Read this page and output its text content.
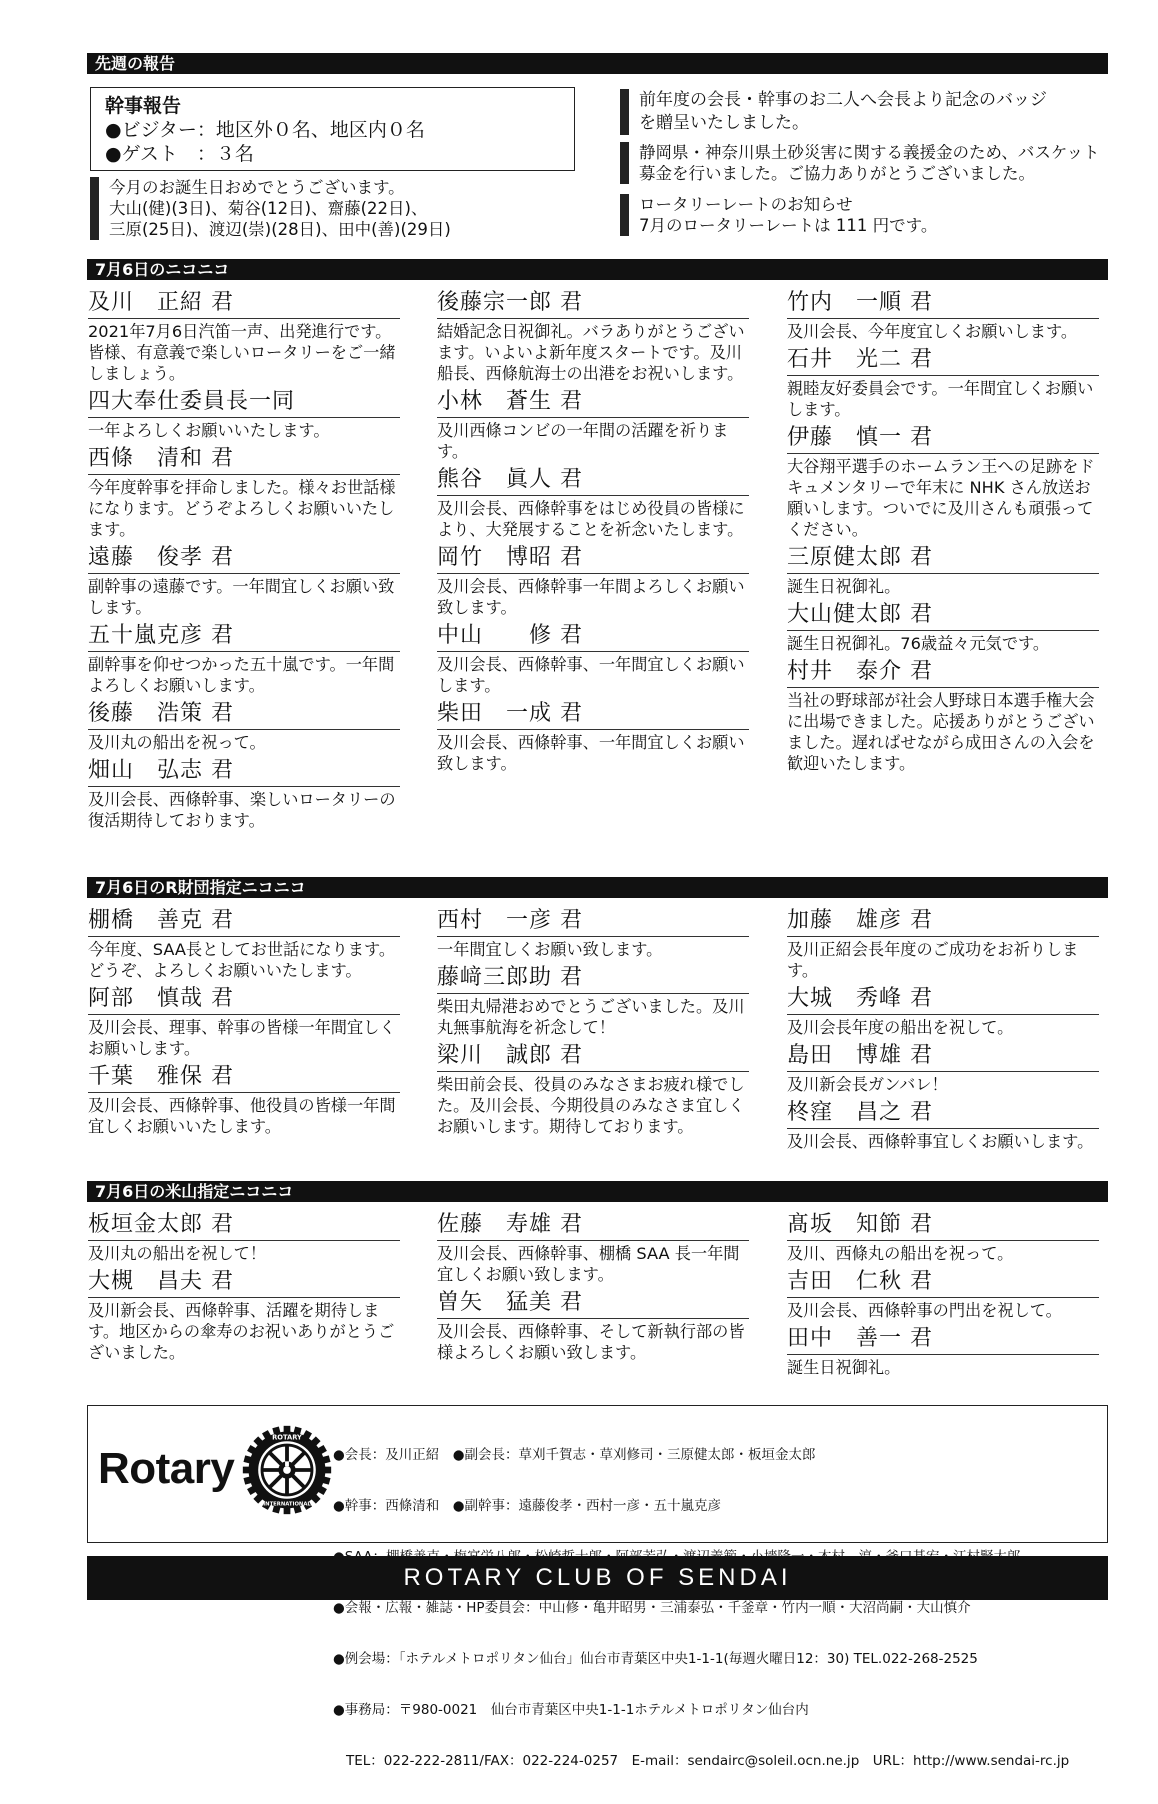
先週の報告
幹事報告
●ビジター：地区外０名、地区内０名
●ゲスト　：３名
今月のお誕生日おめでとうございます。
大山(健)(3日)、菊谷(12日)、齋藤(22日)、
三原(25日)、渡辺(崇)(28日)、田中(善)(29日)
前年度の会長・幹事のお二人へ会長より記念のバッジ
を贈呈いたしました。
静岡県・神奈川県土砂災害に関する義援金のため、バスケット
募金を行いました。ご協力ありがとうございました。
ロータリーレートのお知らせ
7月のロータリーレートは 111 円です。
7月6日のニコニコ
及川　正紹 君
2021年7月6日汽笛一声、出発進行です。皆様、有意義で楽しいロータリーをご一緒しましょう。
四大奉仕委員長一同
一年よろしくお願いいたします。
西條　清和 君
今年度幹事を拝命しました。様々お世話様になります。どうぞよろしくお願いいたします。
遠藤　俊孝 君
副幹事の遠藤です。一年間宜しくお願い致します。
五十嵐克彦 君
副幹事を仰せつかった五十嵐です。一年間よろしくお願いします。
後藤　浩策 君
及川丸の船出を祝って。
畑山　弘志 君
及川会長、西條幹事、楽しいロータリーの復活期待しております。
後藤宗一郎 君
結婚記念日祝御礼。バラありがとうございます。いよいよ新年度スタートです。及川船長、西條航海士の出港をお祝いします。
小林　蒼生 君
及川西條コンビの一年間の活躍を祈ります。
熊谷　眞人 君
及川会長、西條幹事をはじめ役員の皆様により、大発展することを祈念いたします。
岡竹　博昭 君
及川会長、西條幹事一年間よろしくお願い致します。
中山　　修 君
及川会長、西條幹事、一年間宜しくお願いします。
柴田　一成 君
及川会長、西條幹事、一年間宜しくお願い致します。
竹内　一順 君
及川会長、今年度宜しくお願いします。
石井　光二 君
親睦友好委員会です。一年間宜しくお願いします。
伊藤　慎一 君
大谷翔平選手のホームラン王への足跡をドキュメンタリーで年末に NHK さん放送お願いします。ついでに及川さんも頑張ってください。
三原健太郎 君
誕生日祝御礼。
大山健太郎 君
誕生日祝御礼。76歳益々元気です。
村井　泰介 君
当社の野球部が社会人野球日本選手権大会に出場できました。応援ありがとうございました。遅ればせながら成田さんの入会を歓迎いたします。
7月6日のR財団指定ニコニコ
棚橋　善克 君
今年度、SAA長としてお世話になります。どうぞ、よろしくお願いいたします。
阿部　慎哉 君
及川会長、理事、幹事の皆様一年間宜しくお願いします。
千葉　雅保 君
及川会長、西條幹事、他役員の皆様一年間宜しくお願いいたします。
西村　一彦 君
一年間宜しくお願い致します。
藤﨑三郎助 君
柴田丸帰港おめでとうございました。及川丸無事航海を祈念して！
梁川　誠郎 君
柴田前会長、役員のみなさまお疲れ様でした。及川会長、今期役員のみなさま宜しくお願いします。期待しております。
加藤　雄彦 君
及川正紹会長年度のご成功をお祈りします。
大城　秀峰 君
及川会長年度の船出を祝して。
島田　博雄 君
及川新会長ガンバレ！
柊窪　昌之 君
及川会長、西條幹事宜しくお願いします。
7月6日の米山指定ニコニコ
板垣金太郎 君
及川丸の船出を祝して！
大槻　昌夫 君
及川新会長、西條幹事、活躍を期待します。地区からの傘寿のお祝いありがとうございました。
佐藤　寿雄 君
及川会長、西條幹事、棚橋 SAA 長一年間宜しくお願い致します。
曽矢　猛美 君
及川会長、西條幹事、そして新執行部の皆様よろしくお願い致します。
髙坂　知節 君
及川、西條丸の船出を祝って。
吉田　仁秋 君
及川会長、西條幹事の門出を祝して。
田中　善一 君
誕生日祝御礼。
Rotary
ROTARY
INTERNATIONAL

●会長：及川正紹　●副会長：草刈千賀志・草刈修司・三原健太郎・板垣金太郎

●幹事：西條清和　●副幹事：遠藤俊孝・西村一彦・五十嵐克彦

●会報・広報・雑誌・HP委員会：中山修・亀井昭男・三浦泰弘・千釜章・竹内一順・大沼尚嗣・大山慎介

●例会場：「ホテルメトロポリタン仙台」仙台市青葉区中央1-1-1(毎週火曜日12：30) TEL.022-268-2525

●事務局：〒980-0021　仙台市青葉区中央1-1-1ホテルメトロポリタン仙台内

TEL：022-222-2811/FAX：022-224-0257　E-mail：sendairc@soleil.ocn.ne.jp　URL：http://www.sendai-rc.jp

ROTARY CLUB OF SENDAI
